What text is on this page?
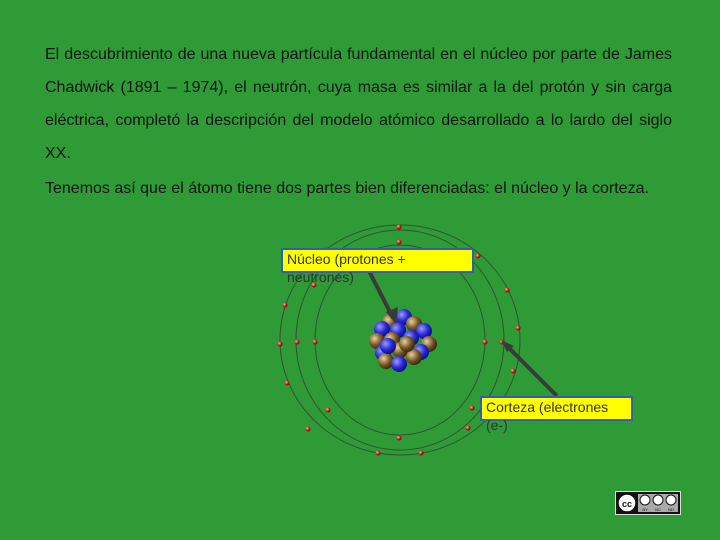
El descubrimiento de una nueva partícula fundamental en el núcleo por parte de James Chadwick (1891 – 1974), el neutrón, cuya masa es similar a la del protón y sin carga eléctrica, completó la descripción del modelo atómico desarrollado a lo lardo del siglo XX.

Tenemos así que el átomo tiene dos partes bien diferenciadas: el núcleo y la corteza.

Núcleo (protones +
neutrones)
Corteza (electrones
(e-)
cc
BY NC ND
